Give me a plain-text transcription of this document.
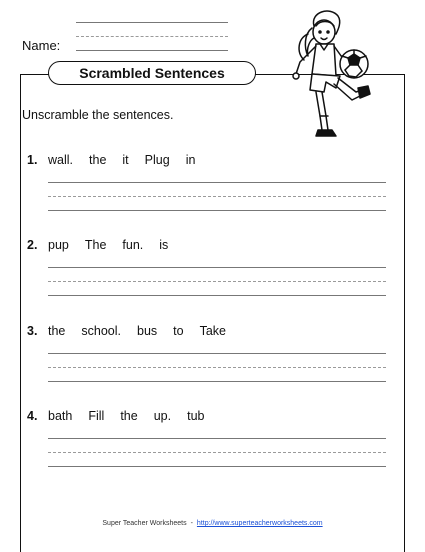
Name:
Scrambled Sentences
Unscramble the sentences.
1. wall. the it Plug in
2. pup The fun. is
3. the school. bus to Take
4. bath Fill the up. tub
Super Teacher Worksheets - http://www.superteacherworksheets.com
